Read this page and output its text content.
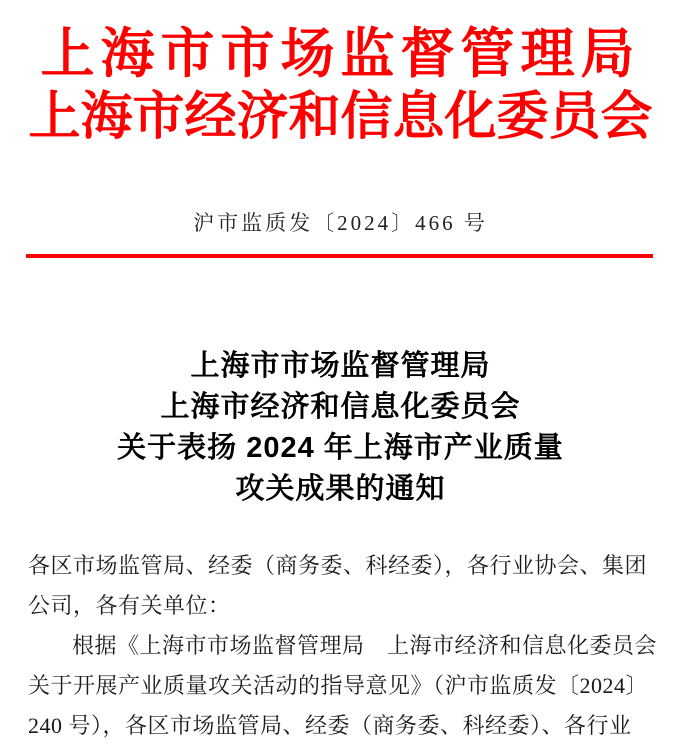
上海市市场监督管理局
上海市经济和信息化委员会
沪市监质发〔2024〕466 号
上海市市场监督管理局
上海市经济和信息化委员会
关于表扬 2024 年上海市产业质量
攻关成果的通知
各区市场监管局、经委（商务委、科经委），各行业协会、集团
公司，各有关单位：
根据《上海市市场监督管理局　上海市经济和信息化委员会
关于开展产业质量攻关活动的指导意见》（沪市监质发〔2024〕
240 号），各区市场监管局、经委（商务委、科经委）、各行业
